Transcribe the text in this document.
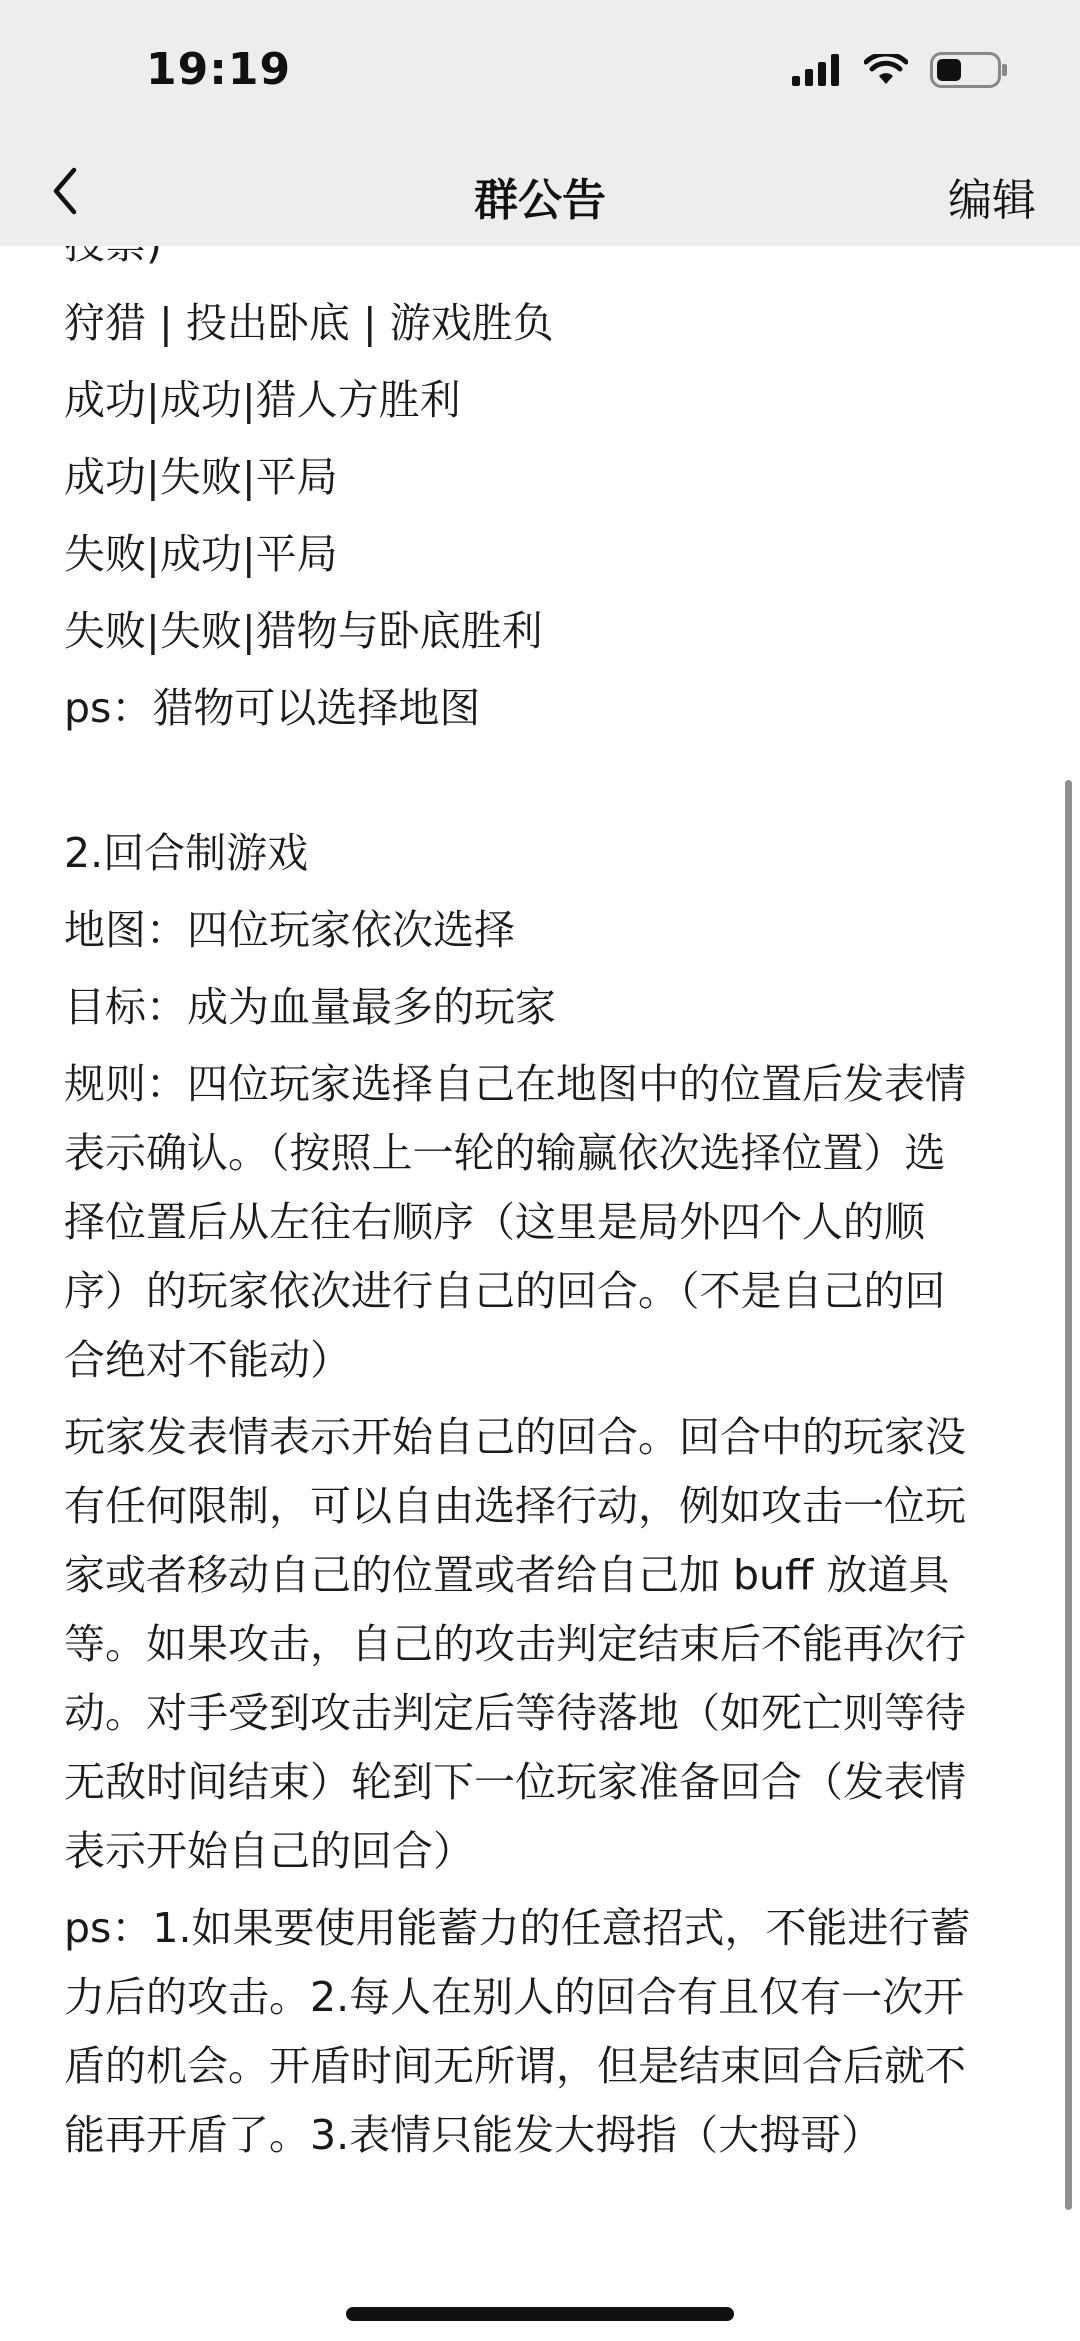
19:19
群公告	编辑

狩猎 | 投出卧底 | 游戏胜负

成功|成功|猎人方胜利

成功|失败|平局

失败|成功|平局

失败|失败|猎物与卧底胜利

ps：猎物可以选择地图

2.回合制游戏

地图：四位玩家依次选择

目标：成为血量最多的玩家

规则：四位玩家选择自己在地图中的位置后发表情

表示确认。（按照上一轮的输赢依次选择位置）选

择位置后从左往右顺序（这里是局外四个人的顺

序）的玩家依次进行自己的回合。（不是自己的回

合绝对不能动）

玩家发表情表示开始自己的回合。回合中的玩家没

有任何限制，可以自由选择行动，例如攻击一位玩

家或者移动自己的位置或者给自己加 buff 放道具

等。如果攻击，自己的攻击判定结束后不能再次行

动。对手受到攻击判定后等待落地（如死亡则等待

无敌时间结束）轮到下一位玩家准备回合（发表情

表示开始自己的回合）

ps：1.如果要使用能蓄力的任意招式，不能进行蓄

力后的攻击。2.每人在别人的回合有且仅有一次开

盾的机会。开盾时间无所谓，但是结束回合后就不

能再开盾了。3.表情只能发大拇指（大拇哥）
